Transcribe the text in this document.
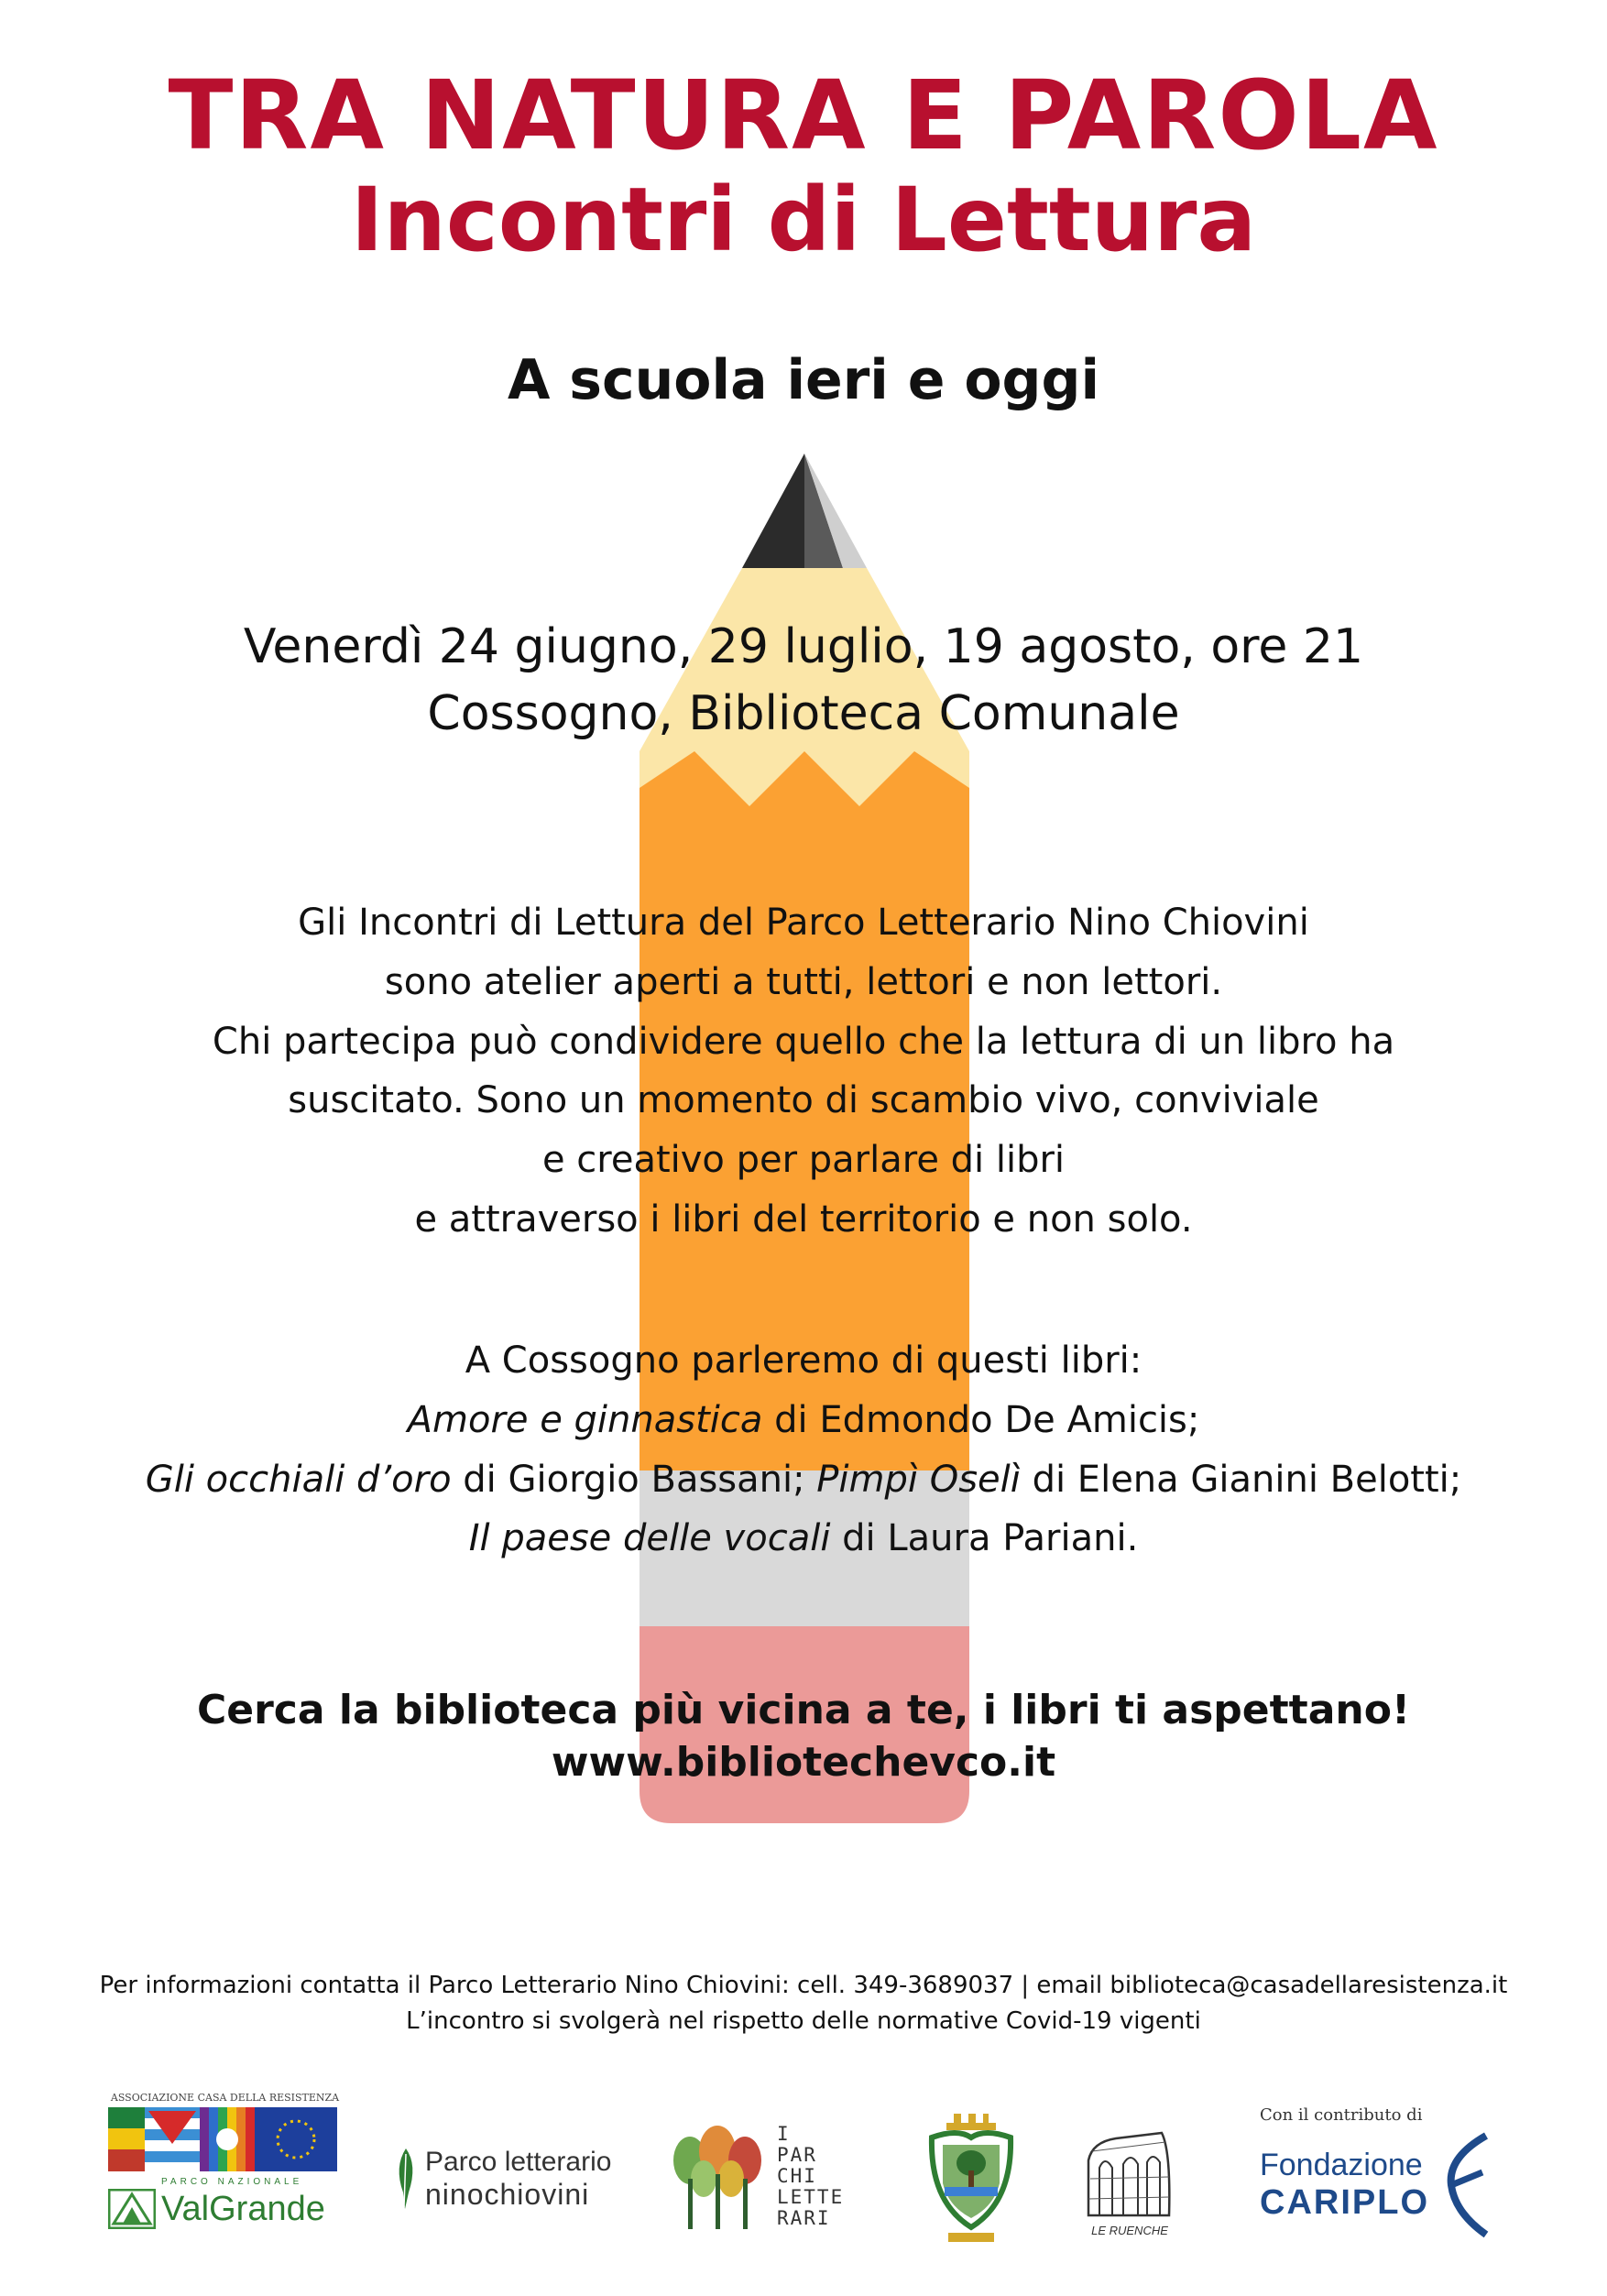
TRA NATURA E PAROLA
Incontri di Lettura
A scuola ieri e oggi
Venerdì 24 giugno, 29 luglio, 19 agosto, ore 21
Cossogno, Biblioteca Comunale
Gli Incontri di Lettura del Parco Letterario Nino Chiovini
sono atelier aperti a tutti, lettori e non lettori.
Chi partecipa può condividere quello che la lettura di un libro ha
suscitato. Sono un momento di scambio vivo, conviviale
e creativo per parlare di libri
e attraverso i libri del territorio e non solo.
A Cossogno parleremo di questi libri:
Amore e ginnastica di Edmondo De Amicis;
Gli occhiali d’oro di Giorgio Bassani; Pimpì Oselì di Elena Gianini Belotti;
Il paese delle vocali di Laura Pariani.
Cerca la biblioteca più vicina a te, i libri ti aspettano!
www.bibliotechevco.it
Per informazioni contatta il Parco Letterario Nino Chiovini: cell. 349-3689037 | email biblioteca@casadellaresistenza.it
L’incontro si svolgerà nel rispetto delle normative Covid-19 vigenti
ASSOCIAZIONE CASA DELLA RESISTENZA
PARCO NAZIONALE
ValGrande
Parco letterario
ninochiovini
I
PAR
CHI
LETTE
RARI
LE RUENCHE
Con il contributo di
Fondazione
CARIPLO
